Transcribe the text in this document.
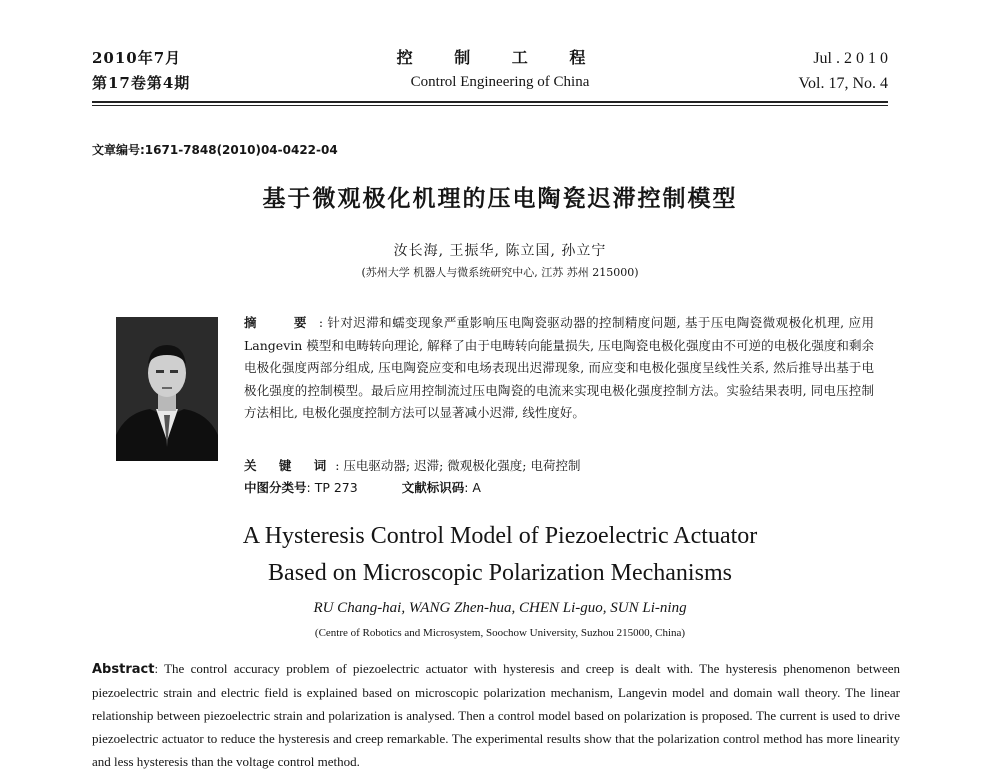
2010年7月
第17卷第4期
控 制 工 程
Control Engineering of China
Jul . 2 0 1 0
Vol. 17, No. 4
文章编号:1671-7848(2010)04-0422-04
基于微观极化机理的压电陶瓷迟滞控制模型
汝长海, 王振华, 陈立国, 孙立宁
(苏州大学 机器人与微系统研究中心, 江苏 苏州 215000)
摘　要: 针对迟滞和蠕变现象严重影响压电陶瓷驱动器的控制精度问题, 基于压电陶瓷微观极化机理, 应用 Langevin 模型和电畴转向理论, 解释了由于电畴转向能量损失, 压电陶瓷电极化强度由不可逆的电极化强度和剩余电极化强度两部分组成, 压电陶瓷应变和电场表现出迟滞现象, 而应变和电极化强度呈线性关系, 然后推导出基于电极化强度的控制模型。最后应用控制流过压电陶瓷的电流来实现电极化强度控制方法。实验结果表明, 同电压控制方法相比, 电极化强度控制方法可以显著减小迟滞, 线性度好。
关 键 词: 压电驱动器; 迟滞; 微观极化强度; 电荷控制
中图分类号: TP 273	文献标识码: A
A Hysteresis Control Model of Piezoelectric Actuator
Based on Microscopic Polarization Mechanisms
RU Chang-hai, WANG Zhen-hua, CHEN Li-guo, SUN Li-ning
(Centre of Robotics and Microsystem, Soochow University, Suzhou 215000, China)
Abstract: The control accuracy problem of piezoelectric actuator with hysteresis and creep is dealt with. The hysteresis phenomenon between piezoelectric strain and electric field is explained based on microscopic polarization mechanism, Langevin model and domain wall theory. The linear relationship between piezoelectric strain and polarization is analysed. Then a control model based on polarization is proposed. The current is used to drive piezoelectric actuator to reduce the hysteresis and creep remarkable. The experimental results show that the polarization control method has more linearity and less hysteresis than the voltage control method.
